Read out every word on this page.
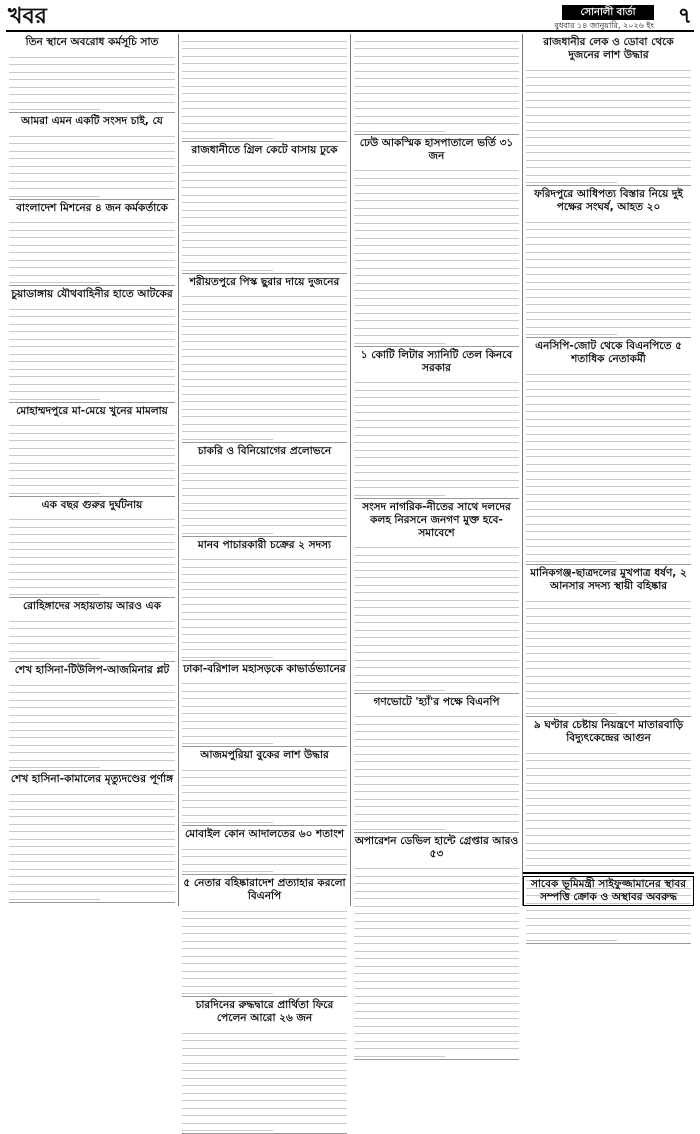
খবর	সোনালী বার্তা
বুধবার ১৪ জানুয়ারি, ২০২৬ ইং ৭
তিন স্থানে অবরোধ কর্মসূচি সাত

আমরা এমন একটি সংসদ চাই, যে

বাংলাদেশ মিশনের ৪ জন কর্মকর্তাকে

চুয়াডাঙ্গায় যৌথবাহিনীর হাতে আটকের

মোহাম্মদপুরে মা-মেয়ে খুনের মামলায়

এক বছর গুরুর দুর্ঘটনায়

রোহিঙ্গাদের সহায়তায় আরও এক

শেখ হাসিনা-টিউলিপ-আজমিনার প্লট

শেখ হাসিনা-কামালের মৃত্যুদণ্ডের পূর্ণাঙ্গ

রাজধানীতে গ্রিল কেটে বাসায় ঢুকে

শরীয়তপুরে পিস্ক ছুরার দায়ে দুজনের

চাকরি ও বিনিয়োগের প্রলোভনে

মানব পাচারকারী চক্রের ২ সদস্য

ঢাকা-বরিশাল মহাসড়কে কাভার্ডভ্যানের

আজমপুরিয়া বুকের লাশ উদ্ধার

মোবাইল কোন আদালতের ৬০ শতাংশ

৫ নেতার বহিষ্কারাদেশ প্রত্যাহার করলো বিএনপি

চারদিনের রুদ্ধদ্বারে প্রার্থিতা ফিরে পেলেন আরো ২৬ জন

ঢেউ আকস্মিক হাসপাতালে ভর্তি ৩১ জন

১ কোটি লিটার স্যানিটি তেল কিনবে সরকার

সংসদ নাগরিক-নীতের সাথে দলদের কলহ নিরসনে জনগণ মুক্ত হবে-সমাবেশে

গণভোটে 'হ্যাঁ'র পক্ষে বিএনপি

অপারেশন ডেভিল হান্টে গ্রেপ্তার আরও ৫৩

রাজধানীর লেক ও ডোবা থেকে দুজনের লাশ উদ্ধার

ফরিদপুরে আধিপত্য বিস্তার নিয়ে দুই পক্ষের সংঘর্ষ, আহত ২০

এনসিপি-জোট থেকে বিএনপিতে ৫ শতাধিক নেতাকর্মী

মানিকগঞ্জ-ছাত্রদলের মুখপাত্র ধর্ষণ, ২ আনসার সদস্য স্থায়ী বহিষ্কার

৯ ঘণ্টার চেষ্টায় নিয়ন্ত্রণে মাতারবাড়ি বিদ্যুৎকেন্দ্রের আগুন

সাবেক ভূমিমন্ত্রী সাইফুজ্জামানের স্থাবর সম্পত্তি ক্রোক ও অস্থাবর অবরুদ্ধ
